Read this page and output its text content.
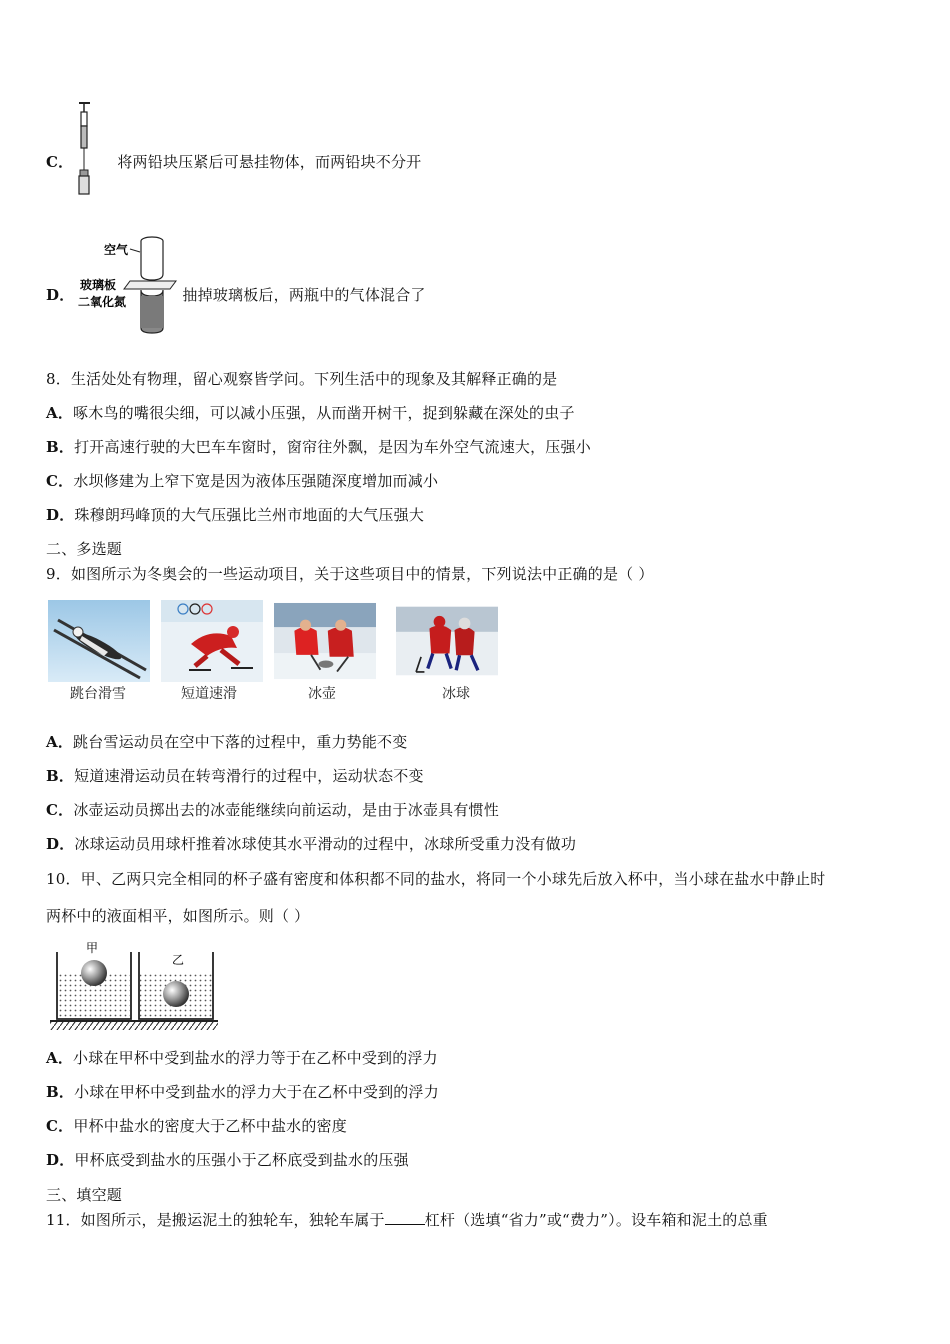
C．	将两铅块压紧后可悬挂物体，而两铅块不分开
空气
玻璃板
二氧化氮
D．	抽掉玻璃板后，两瓶中的气体混合了
8．生活处处有物理，留心观察皆学问。下列生活中的现象及其解释正确的是
A．啄木鸟的嘴很尖细，可以减小压强，从而凿开树干，捉到躲藏在深处的虫子
B．打开高速行驶的大巴车车窗时，窗帘往外飘，是因为车外空气流速大，压强小
C．水坝修建为上窄下宽是因为液体压强随深度增加而减小
D．珠穆朗玛峰顶的大气压强比兰州市地面的大气压强大
二、多选题
9．如图所示为冬奥会的一些运动项目，关于这些项目中的情景，下列说法中正确的是（ ）
跳台滑雪	短道速滑	冰壶	冰球
A．跳台雪运动员在空中下落的过程中，重力势能不变
B．短道速滑运动员在转弯滑行的过程中，运动状态不变
C．冰壶运动员掷出去的冰壶能继续向前运动，是由于冰壶具有惯性
D．冰球运动员用球杆推着冰球使其水平滑动的过程中，冰球所受重力没有做功
10．甲、乙两只完全相同的杯子盛有密度和体积都不同的盐水，将同一个小球先后放入杯中，当小球在盐水中静止时
两杯中的液面相平，如图所示。则（ ）
甲
乙
A．小球在甲杯中受到盐水的浮力等于在乙杯中受到的浮力
B．小球在甲杯中受到盐水的浮力大于在乙杯中受到的浮力
C．甲杯中盐水的密度大于乙杯中盐水的密度
D．甲杯底受到盐水的压强小于乙杯底受到盐水的压强
三、填空题
11．如图所示，是搬运泥土的独轮车，独轮车属于	杠杆（选填“省力”或“费力”）。设车箱和泥土的总重
